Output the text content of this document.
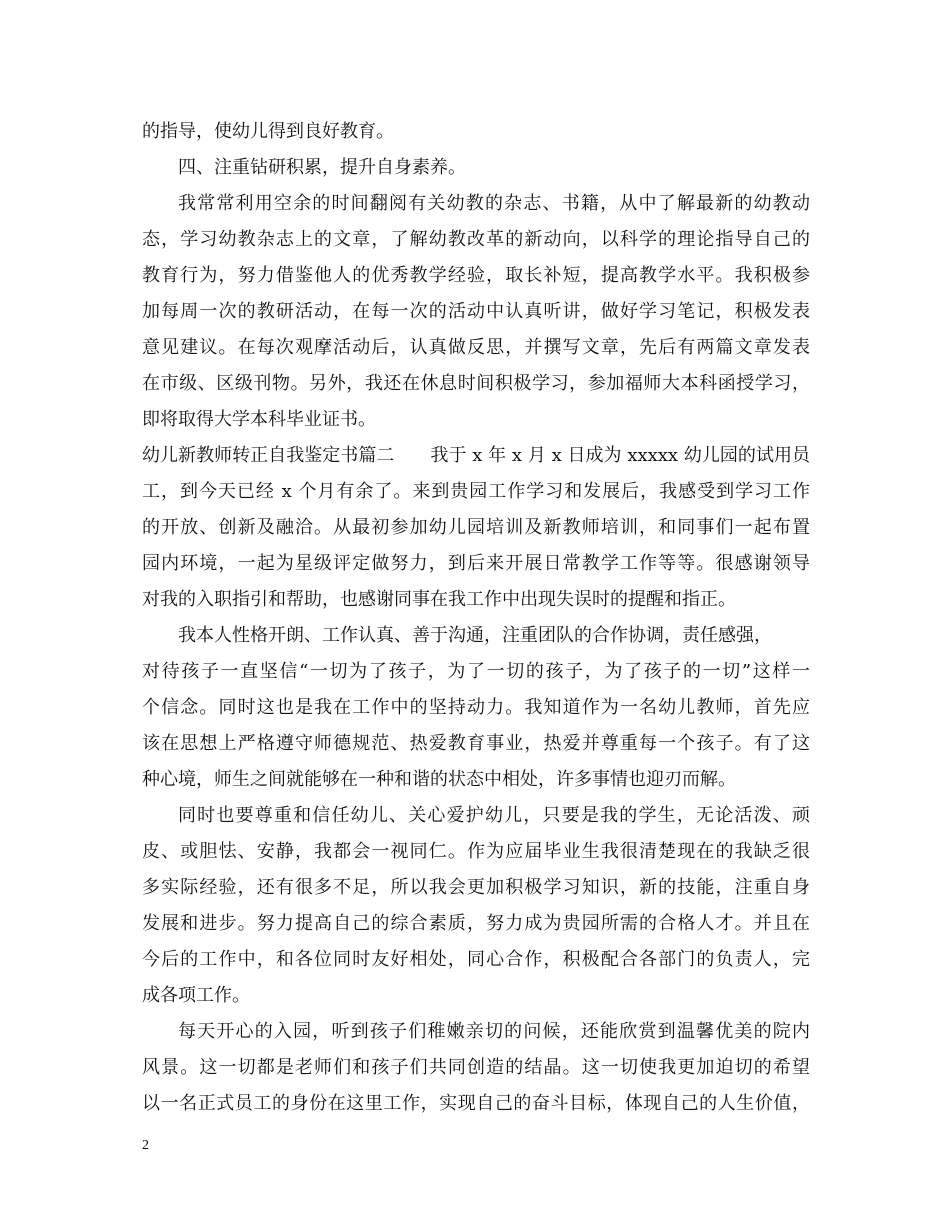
的指导，使幼儿得到良好教育。
四、注重钻研积累，提升自身素养。
我常常利用空余的时间翻阅有关幼教的杂志、书籍，从中了解最新的幼教动
态，学习幼教杂志上的文章，了解幼教改革的新动向，以科学的理论指导自己的
教育行为，努力借鉴他人的优秀教学经验，取长补短，提高教学水平。我积极参
加每周一次的教研活动，在每一次的活动中认真听讲，做好学习笔记，积极发表
意见建议。在每次观摩活动后，认真做反思，并撰写文章，先后有两篇文章发表
在市级、区级刊物。另外，我还在休息时间积极学习，参加福师大本科函授学习，
即将取得大学本科毕业证书。
幼儿新教师转正自我鉴定书篇二　　我于 x 年 x 月 x 日成为 xxxxx 幼儿园的试用员
工，到今天已经 x 个月有余了。来到贵园工作学习和发展后，我感受到学习工作
的开放、创新及融洽。从最初参加幼儿园培训及新教师培训，和同事们一起布置
园内环境，一起为星级评定做努力，到后来开展日常教学工作等等。很感谢领导
对我的入职指引和帮助，也感谢同事在我工作中出现失误时的提醒和指正。
我本人性格开朗、工作认真、善于沟通，注重团队的合作协调，责任感强，
对待孩子一直坚信“一切为了孩子，为了一切的孩子，为了孩子的一切”这样一
个信念。同时这也是我在工作中的坚持动力。我知道作为一名幼儿教师，首先应
该在思想上严格遵守师德规范、热爱教育事业，热爱并尊重每一个孩子。有了这
种心境，师生之间就能够在一种和谐的状态中相处，许多事情也迎刃而解。
同时也要尊重和信任幼儿、关心爱护幼儿，只要是我的学生，无论活泼、顽
皮、或胆怯、安静，我都会一视同仁。作为应届毕业生我很清楚现在的我缺乏很
多实际经验，还有很多不足，所以我会更加积极学习知识，新的技能，注重自身
发展和进步。努力提高自己的综合素质，努力成为贵园所需的合格人才。并且在
今后的工作中，和各位同时友好相处，同心合作，积极配合各部门的负责人，完
成各项工作。
每天开心的入园，听到孩子们稚嫩亲切的问候，还能欣赏到温馨优美的院内
风景。这一切都是老师们和孩子们共同创造的结晶。这一切使我更加迫切的希望
以一名正式员工的身份在这里工作，实现自己的奋斗目标，体现自己的人生价值，
2
